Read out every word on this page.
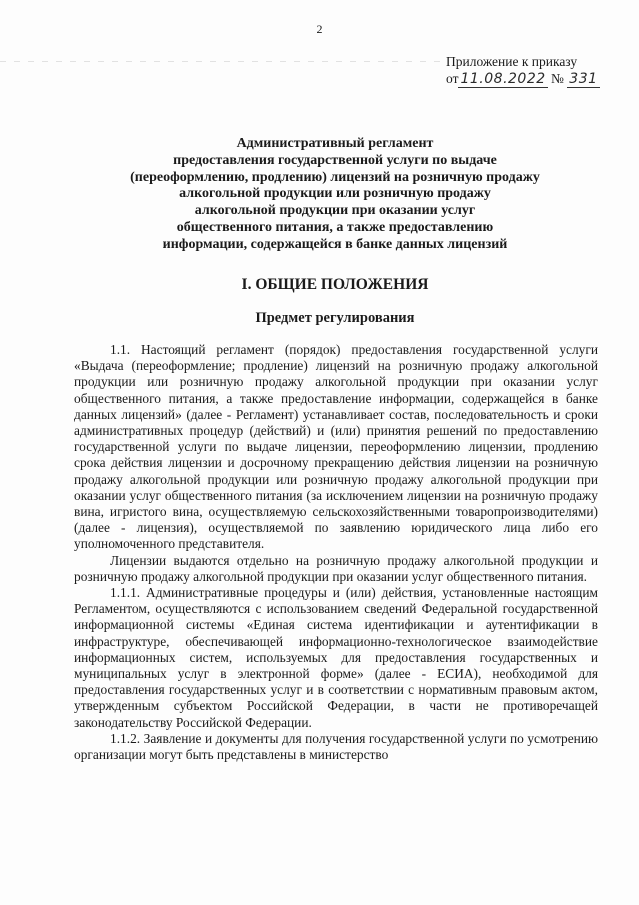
2
Приложение к приказу
от 11.08.2022 № 331
Административный регламент
предоставления государственной услуги по выдаче
(переоформлению, продлению) лицензий на розничную продажу
алкогольной продукции или розничную продажу
алкогольной продукции при оказании услуг
общественного питания, а также предоставлению
информации, содержащейся в банке данных лицензий
I. ОБЩИЕ ПОЛОЖЕНИЯ
Предмет регулирования

1.1. Настоящий регламент (порядок) предоставления государственной услуги «Выдача (переоформление; продление) лицензий на розничную продажу алкогольной продукции или розничную продажу алкогольной продукции при оказании услуг общественного питания, а также предоставление информации, содержащейся в банке данных лицензий» (далее - Регламент) устанавливает состав, последовательность и сроки административных процедур (действий) и (или) принятия решений по предоставлению государственной услуги по выдаче лицензии, переоформлению лицензии, продлению срока действия лицензии и досрочному прекращению действия лицензии на розничную продажу алкогольной продукции или розничную продажу алкогольной продукции при оказании услуг общественного питания (за исключением лицензии на розничную продажу вина, игристого вина, осуществляемую сельскохозяйственными товаропроизводителями) (далее - лицензия), осуществляемой по заявлению юридического лица либо его уполномоченного представителя.

Лицензии выдаются отдельно на розничную продажу алкогольной продукции и розничную продажу алкогольной продукции при оказании услуг общественного питания.

1.1.1. Административные процедуры и (или) действия, установленные настоящим Регламентом, осуществляются с использованием сведений Федеральной государственной информационной системы «Единая система идентификации и аутентификации в инфраструктуре, обеспечивающей информационно-технологическое взаимодействие информационных систем, используемых для предоставления государственных и муниципальных услуг в электронной форме» (далее - ЕСИА), необходимой для предоставления государственных услуг и в соответствии с нормативным правовым актом, утвержденным субъектом Российской Федерации, в части не противоречащей законодательству Российской Федерации.

1.1.2. Заявление и документы для получения государственной услуги по усмотрению организации могут быть представлены в министерство
